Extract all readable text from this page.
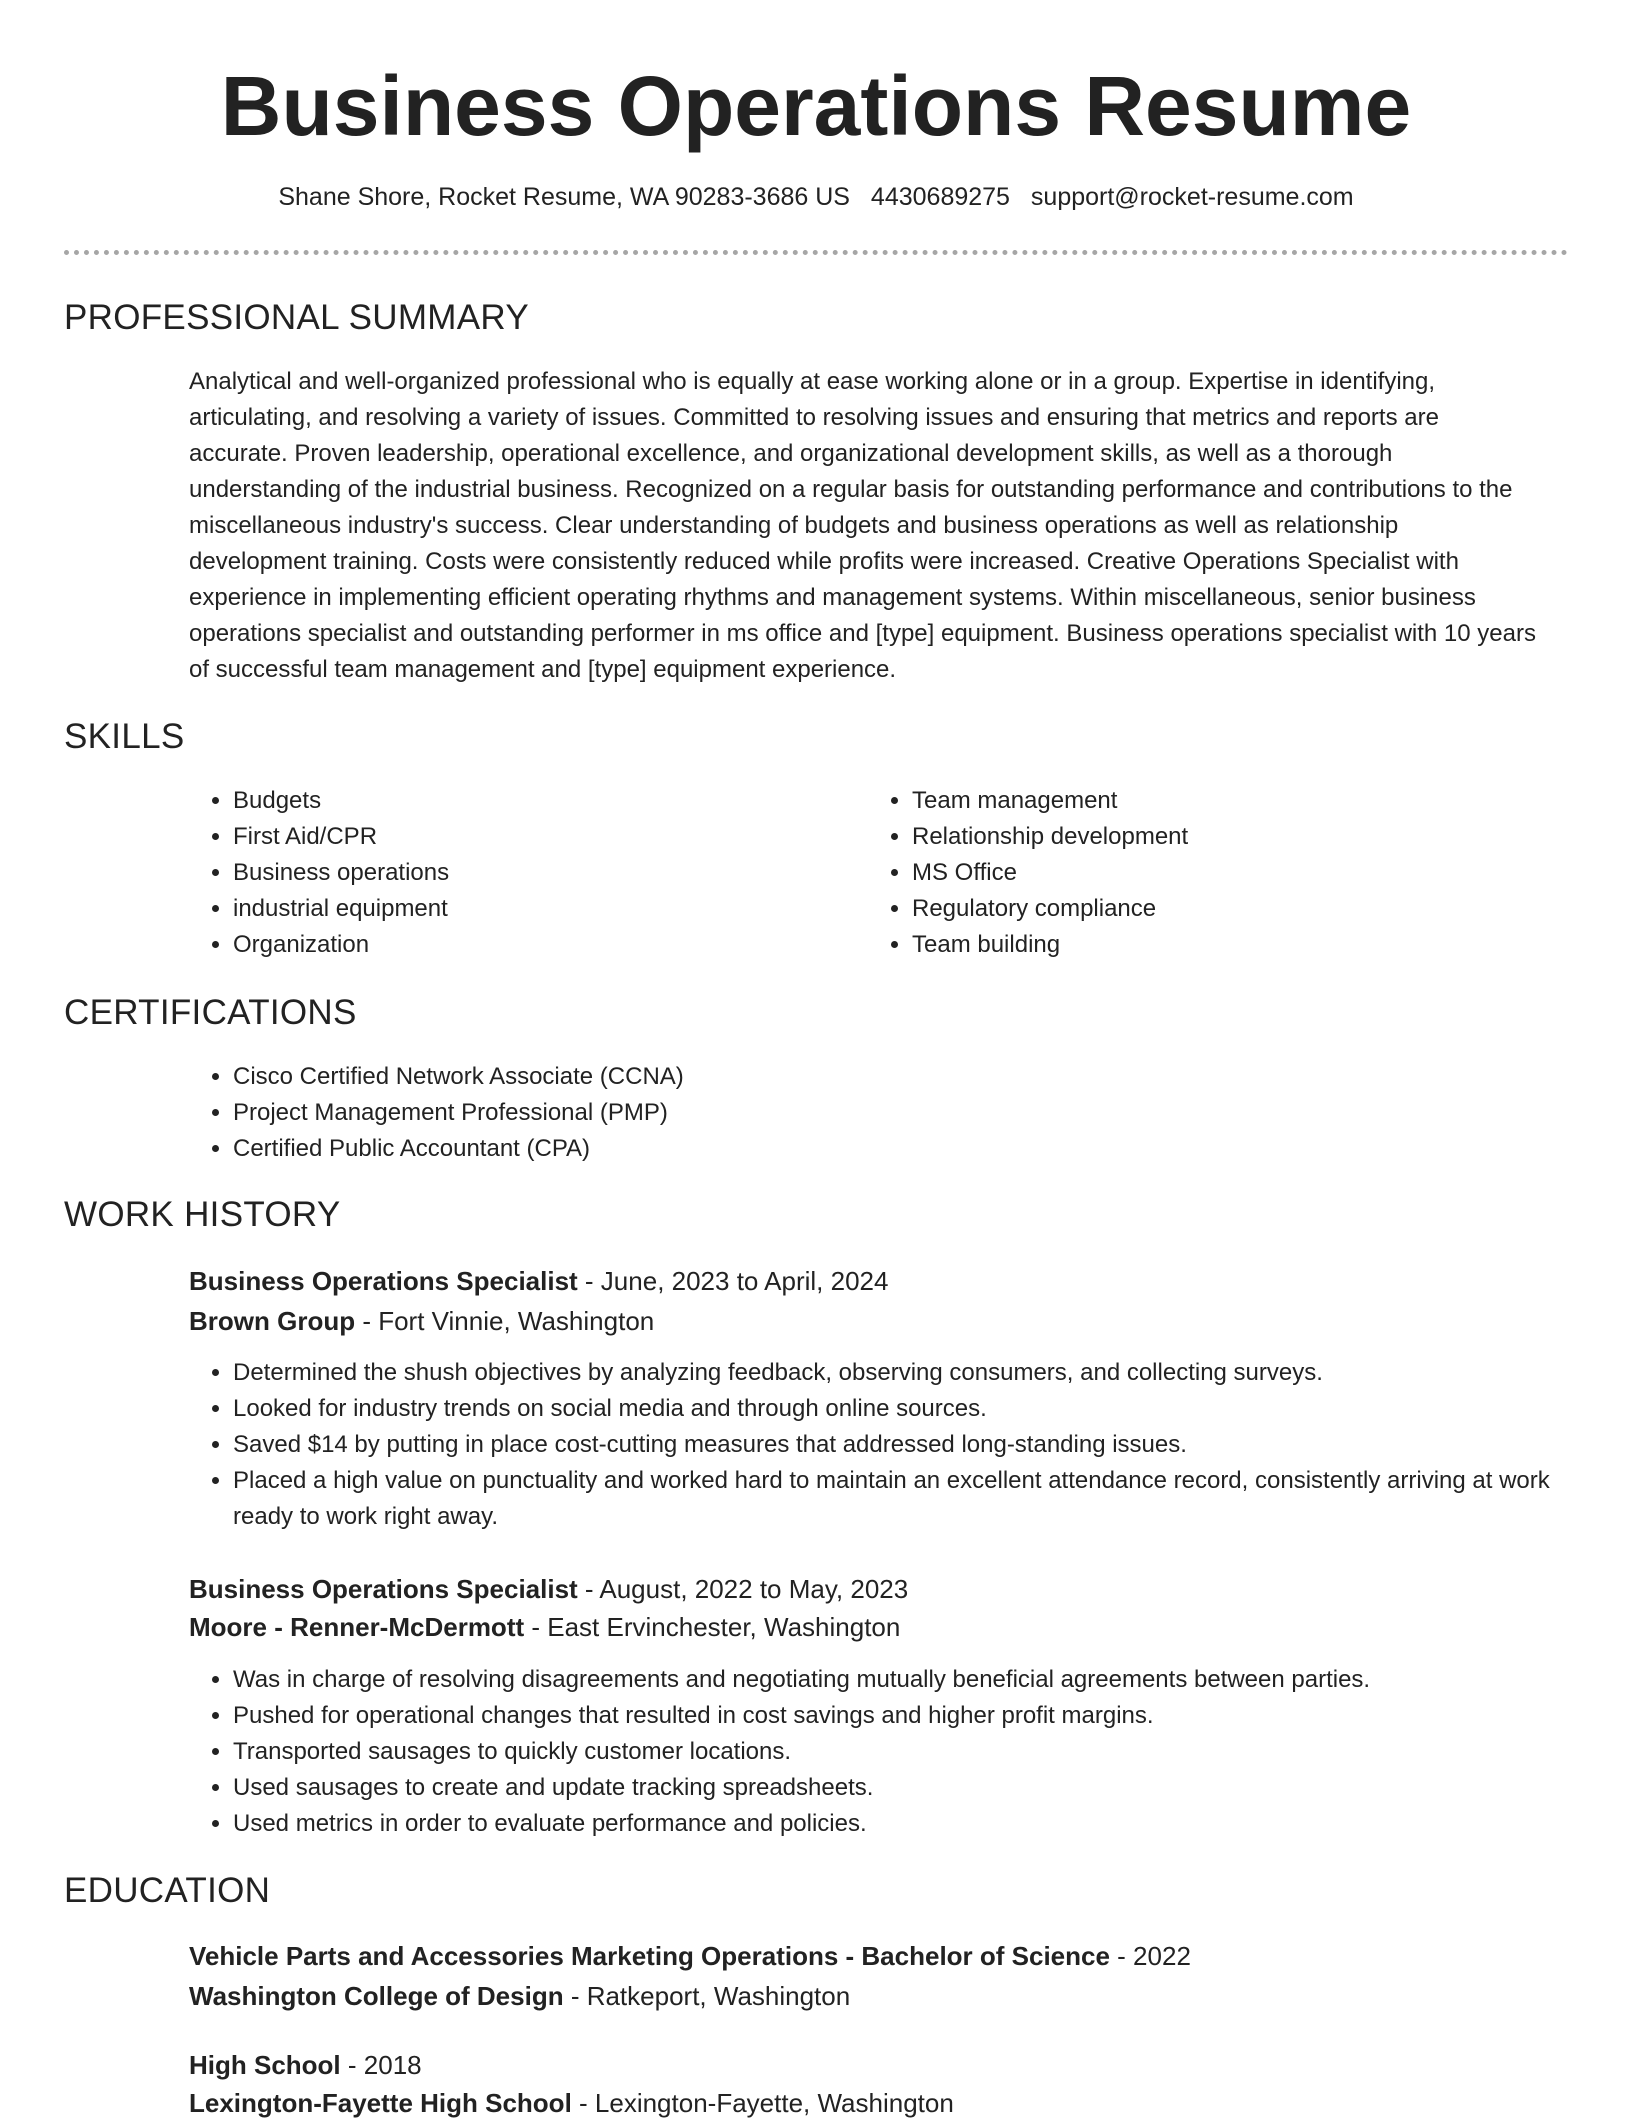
Business Operations Resume
Shane Shore, Rocket Resume, WA 90283-3686 US 4430689275 support@rocket-resume.com
PROFESSIONAL SUMMARY

Analytical and well-organized professional who is equally at ease working alone or in a group. Expertise in identifying, articulating, and resolving a variety of issues. Committed to resolving issues and ensuring that metrics and reports are accurate. Proven leadership, operational excellence, and organizational development skills, as well as a thorough understanding of the industrial business. Recognized on a regular basis for outstanding performance and contributions to the miscellaneous industry's success. Clear understanding of budgets and business operations as well as relationship development training. Costs were consistently reduced while profits were increased. Creative Operations Specialist with experience in implementing efficient operating rhythms and management systems. Within miscellaneous, senior business operations specialist and outstanding performer in ms office and [type] equipment. Business operations specialist with 10 years of successful team management and [type] equipment experience.

SKILLS
• Budgets
• First Aid/CPR
• Business operations
• industrial equipment
• Organization
• Team management
• Relationship development
• MS Office
• Regulatory compliance
• Team building
CERTIFICATIONS
• Cisco Certified Network Associate (CCNA)
• Project Management Professional (PMP)
• Certified Public Accountant (CPA)
WORK HISTORY
Business Operations Specialist - June, 2023 to April, 2024
Brown Group - Fort Vinnie, Washington
• Determined the shush objectives by analyzing feedback, observing consumers, and collecting surveys.
• Looked for industry trends on social media and through online sources.
• Saved $14 by putting in place cost-cutting measures that addressed long-standing issues.
• Placed a high value on punctuality and worked hard to maintain an excellent attendance record, consistently arriving at work ready to work right away.
Business Operations Specialist - August, 2022 to May, 2023
Moore - Renner-McDermott - East Ervinchester, Washington
• Was in charge of resolving disagreements and negotiating mutually beneficial agreements between parties.
• Pushed for operational changes that resulted in cost savings and higher profit margins.
• Transported sausages to quickly customer locations.
• Used sausages to create and update tracking spreadsheets.
• Used metrics in order to evaluate performance and policies.
EDUCATION
Vehicle Parts and Accessories Marketing Operations - Bachelor of Science - 2022
Washington College of Design - Ratkeport, Washington
High School - 2018
Lexington-Fayette High School - Lexington-Fayette, Washington
